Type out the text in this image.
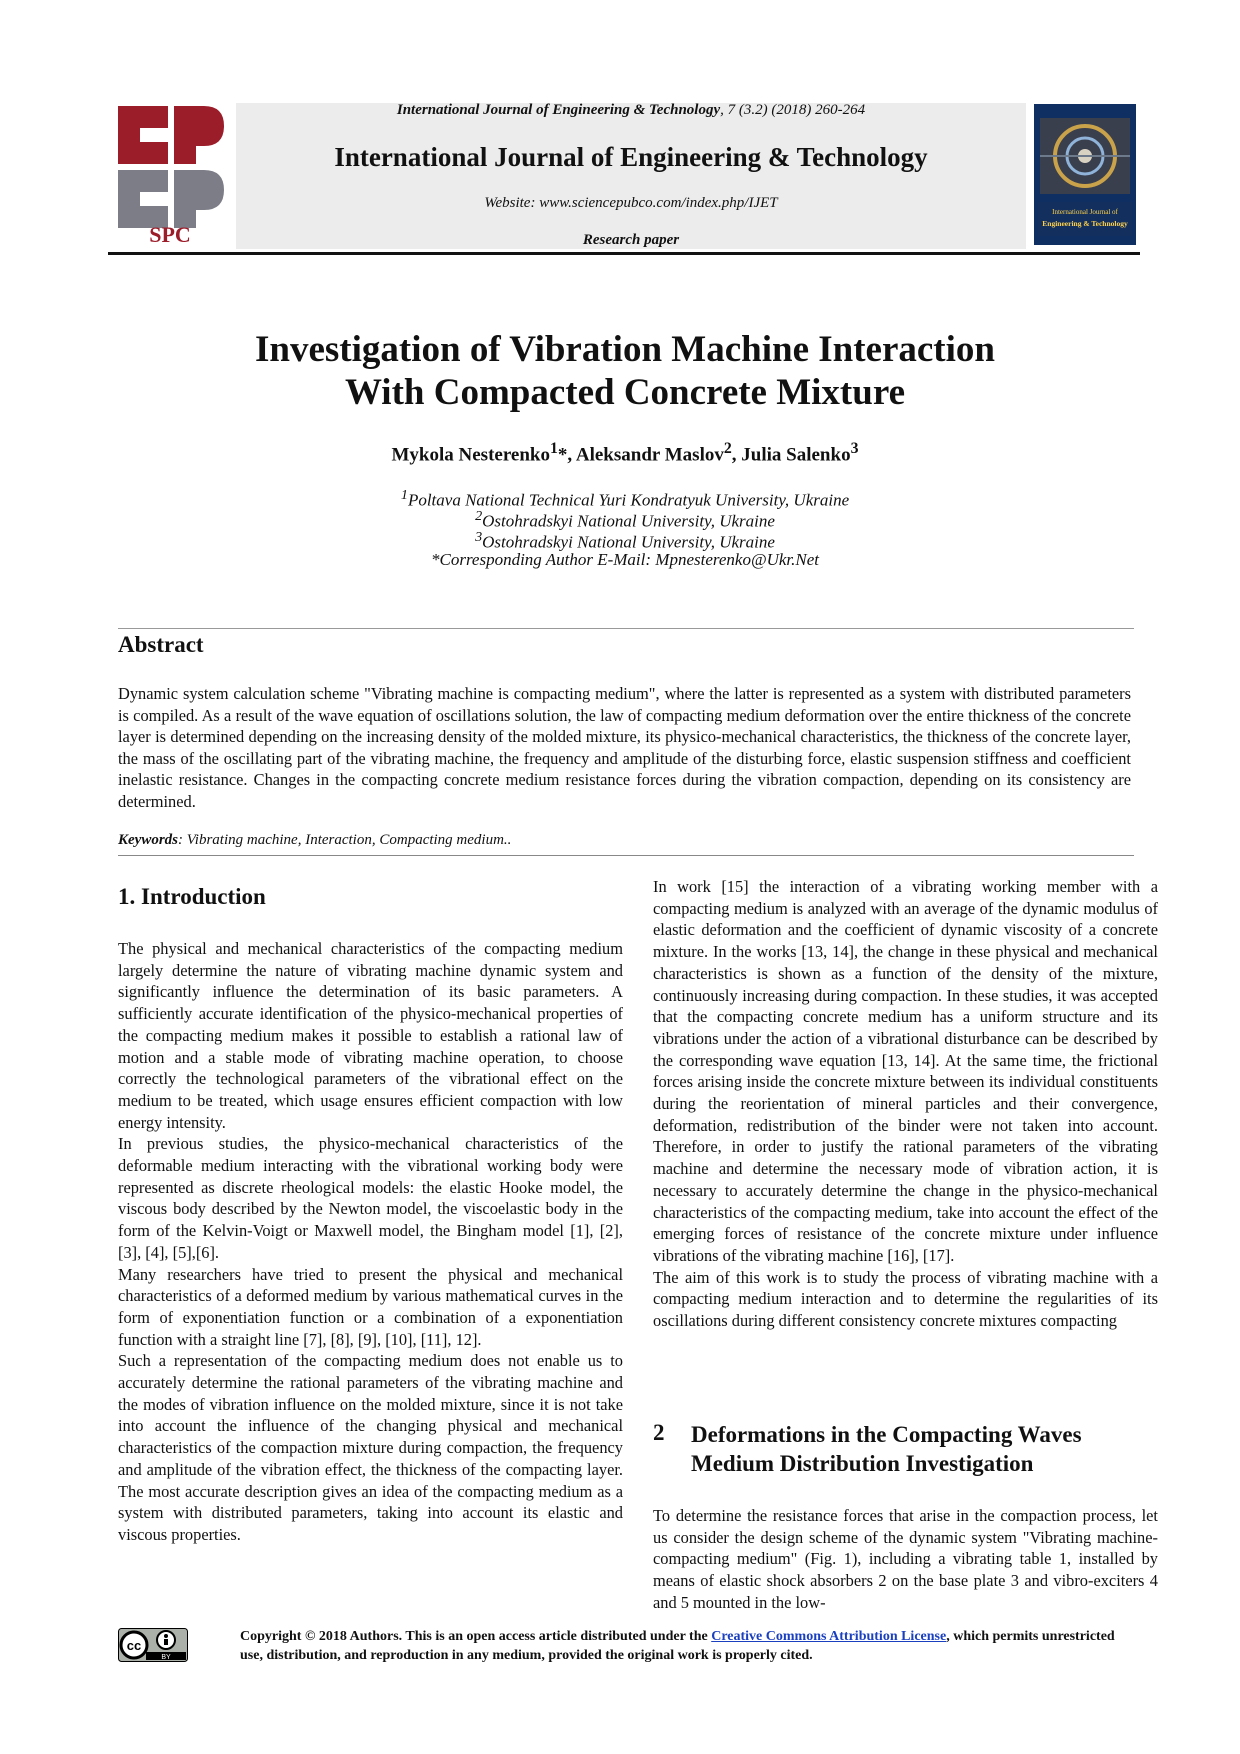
SPC
International Journal of Engineering & Technology, 7 (3.2) (2018) 260-264
International Journal of Engineering & Technology
Website: www.sciencepubco.com/index.php/IJET
Research paper
International Journal of
Engineering & Technology
Investigation of Vibration Machine Interaction
With Compacted Concrete Mixture
Mykola Nesterenko$^1$*, Aleksandr Maslov$^2$, Julia Salenko$^3$
$^1$Poltava National Technical Yuri Kondratyuk University, Ukraine
$^2$Ostohradskyi National University, Ukraine
$^3$Ostohradskyi National University, Ukraine
*Corresponding Author E-Mail: Mpnesterenko@Ukr.Net
Abstract
Dynamic system calculation scheme "Vibrating machine is compacting medium", where the latter is represented as a system with distributed parameters is compiled. As a result of the wave equation of oscillations solution, the law of compacting medium deformation over the entire thickness of the concrete layer is determined depending on the increasing density of the molded mixture, its physico-mechanical characteristics, the thickness of the concrete layer, the mass of the oscillating part of the vibrating machine, the frequency and amplitude of the disturbing force, elastic suspension stiffness and coefficient inelastic resistance. Changes in the compacting concrete medium resistance forces during the vibration compaction, depending on its consistency are determined.
Keywords: Vibrating machine, Interaction, Compacting medium..
1. Introduction

The physical and mechanical characteristics of the compacting medium largely determine the nature of vibrating machine dynamic system and significantly influence the determination of its basic parameters. A sufficiently accurate identification of the physico-mechanical properties of the compacting medium makes it possible to establish a rational law of motion and a stable mode of vibrating machine operation, to choose correctly the technological parameters of the vibrational effect on the medium to be treated, which usage ensures efficient compaction with low energy intensity.

In previous studies, the physico-mechanical characteristics of the deformable medium interacting with the vibrational working body were represented as discrete rheological models: the elastic Hooke model, the viscous body described by the Newton model, the viscoelastic body in the form of the Kelvin-Voigt or Maxwell model, the Bingham model [1], [2], [3], [4], [5],[6].

Many researchers have tried to present the physical and mechanical characteristics of a deformed medium by various mathematical curves in the form of exponentiation function or a combination of a exponentiation function with a straight line [7], [8], [9], [10], [11], 12].

Such a representation of the compacting medium does not enable us to accurately determine the rational parameters of the vibrating machine and the modes of vibration influence on the molded mixture, since it is not take into account the influence of the changing physical and mechanical characteristics of the compaction mixture during compaction, the frequency and amplitude of the vibration effect, the thickness of the compacting layer. The most accurate description gives an idea of the compacting medium as a system with distributed parameters, taking into account its elastic and viscous properties.

In work [15] the interaction of a vibrating working member with a compacting medium is analyzed with an average of the dynamic modulus of elastic deformation and the coefficient of dynamic viscosity of a concrete mixture. In the works [13, 14], the change in these physical and mechanical characteristics is shown as a function of the density of the mixture, continuously increasing during compaction. In these studies, it was accepted that the compacting concrete medium has a uniform structure and its vibrations under the action of a vibrational disturbance can be described by the corresponding wave equation [13, 14]. At the same time, the frictional forces arising inside the concrete mixture between its individual constituents during the reorientation of mineral particles and their convergence, deformation, redistribution of the binder were not taken into account. Therefore, in order to justify the rational parameters of the vibrating machine and determine the necessary mode of vibration action, it is necessary to accurately determine the change in the physico-mechanical characteristics of the compacting medium, take into account the effect of the emerging forces of resistance of the concrete mixture under influence vibrations of the vibrating machine [16], [17].

The aim of this work is to study the process of vibrating machine with a compacting medium interaction and to determine the regularities of its oscillations during different consistency concrete mixtures compacting

2 Deformations in the Compacting Waves Medium Distribution Investigation

To determine the resistance forces that arise in the compaction process, let us consider the design scheme of the dynamic system "Vibrating machine-compacting medium" (Fig. 1), including a vibrating table 1, installed by means of elastic shock absorbers 2 on the base plate 3 and vibro-exciters 4 and 5 mounted in the low-

cc
BY
Copyright © 2018 Authors. This is an open access article distributed under the Creative Commons Attribution License, which permits unrestricted use, distribution, and reproduction in any medium, provided the original work is properly cited.
